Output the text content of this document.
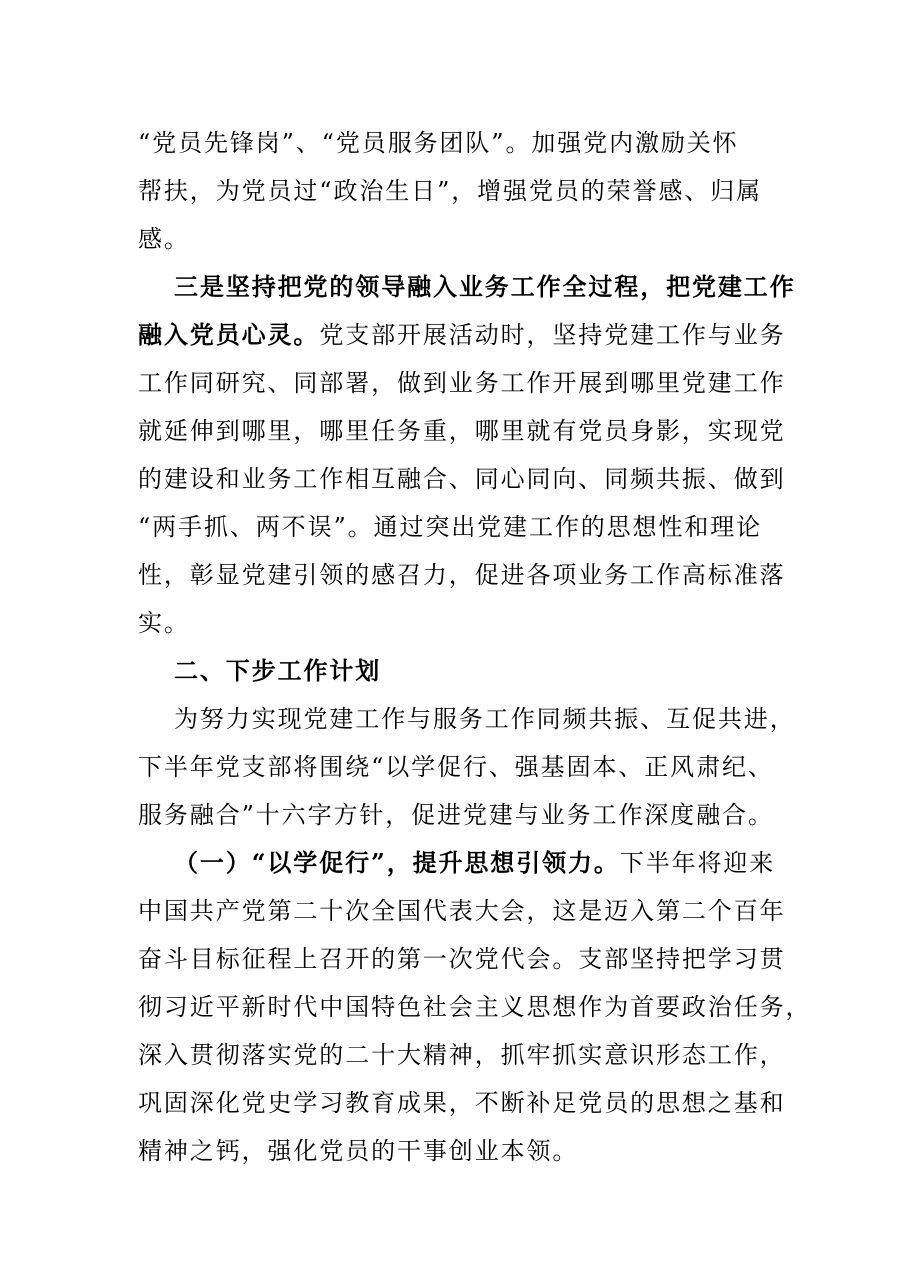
“党员先锋岗”、“党员服务团队”。加强党内激励关怀
帮扶，为党员过“政治生日”，增强党员的荣誉感、归属
感。
三是坚持把党的领导融入业务工作全过程，把党建工作
融入党员心灵。党支部开展活动时，坚持党建工作与业务
工作同研究、同部署，做到业务工作开展到哪里党建工作
就延伸到哪里，哪里任务重，哪里就有党员身影，实现党
的建设和业务工作相互融合、同心同向、同频共振、做到
“两手抓、两不误”。通过突出党建工作的思想性和理论
性，彰显党建引领的感召力，促进各项业务工作高标准落
实。
二、下步工作计划
为努力实现党建工作与服务工作同频共振、互促共进，
下半年党支部将围绕“以学促行、强基固本、正风肃纪、
服务融合”十六字方针，促进党建与业务工作深度融合。
（一）“以学促行”，提升思想引领力。下半年将迎来
中国共产党第二十次全国代表大会，这是迈入第二个百年
奋斗目标征程上召开的第一次党代会。支部坚持把学习贯
彻习近平新时代中国特色社会主义思想作为首要政治任务，
深入贯彻落实党的二十大精神，抓牢抓实意识形态工作，
巩固深化党史学习教育成果，不断补足党员的思想之基和
精神之钙，强化党员的干事创业本领。
